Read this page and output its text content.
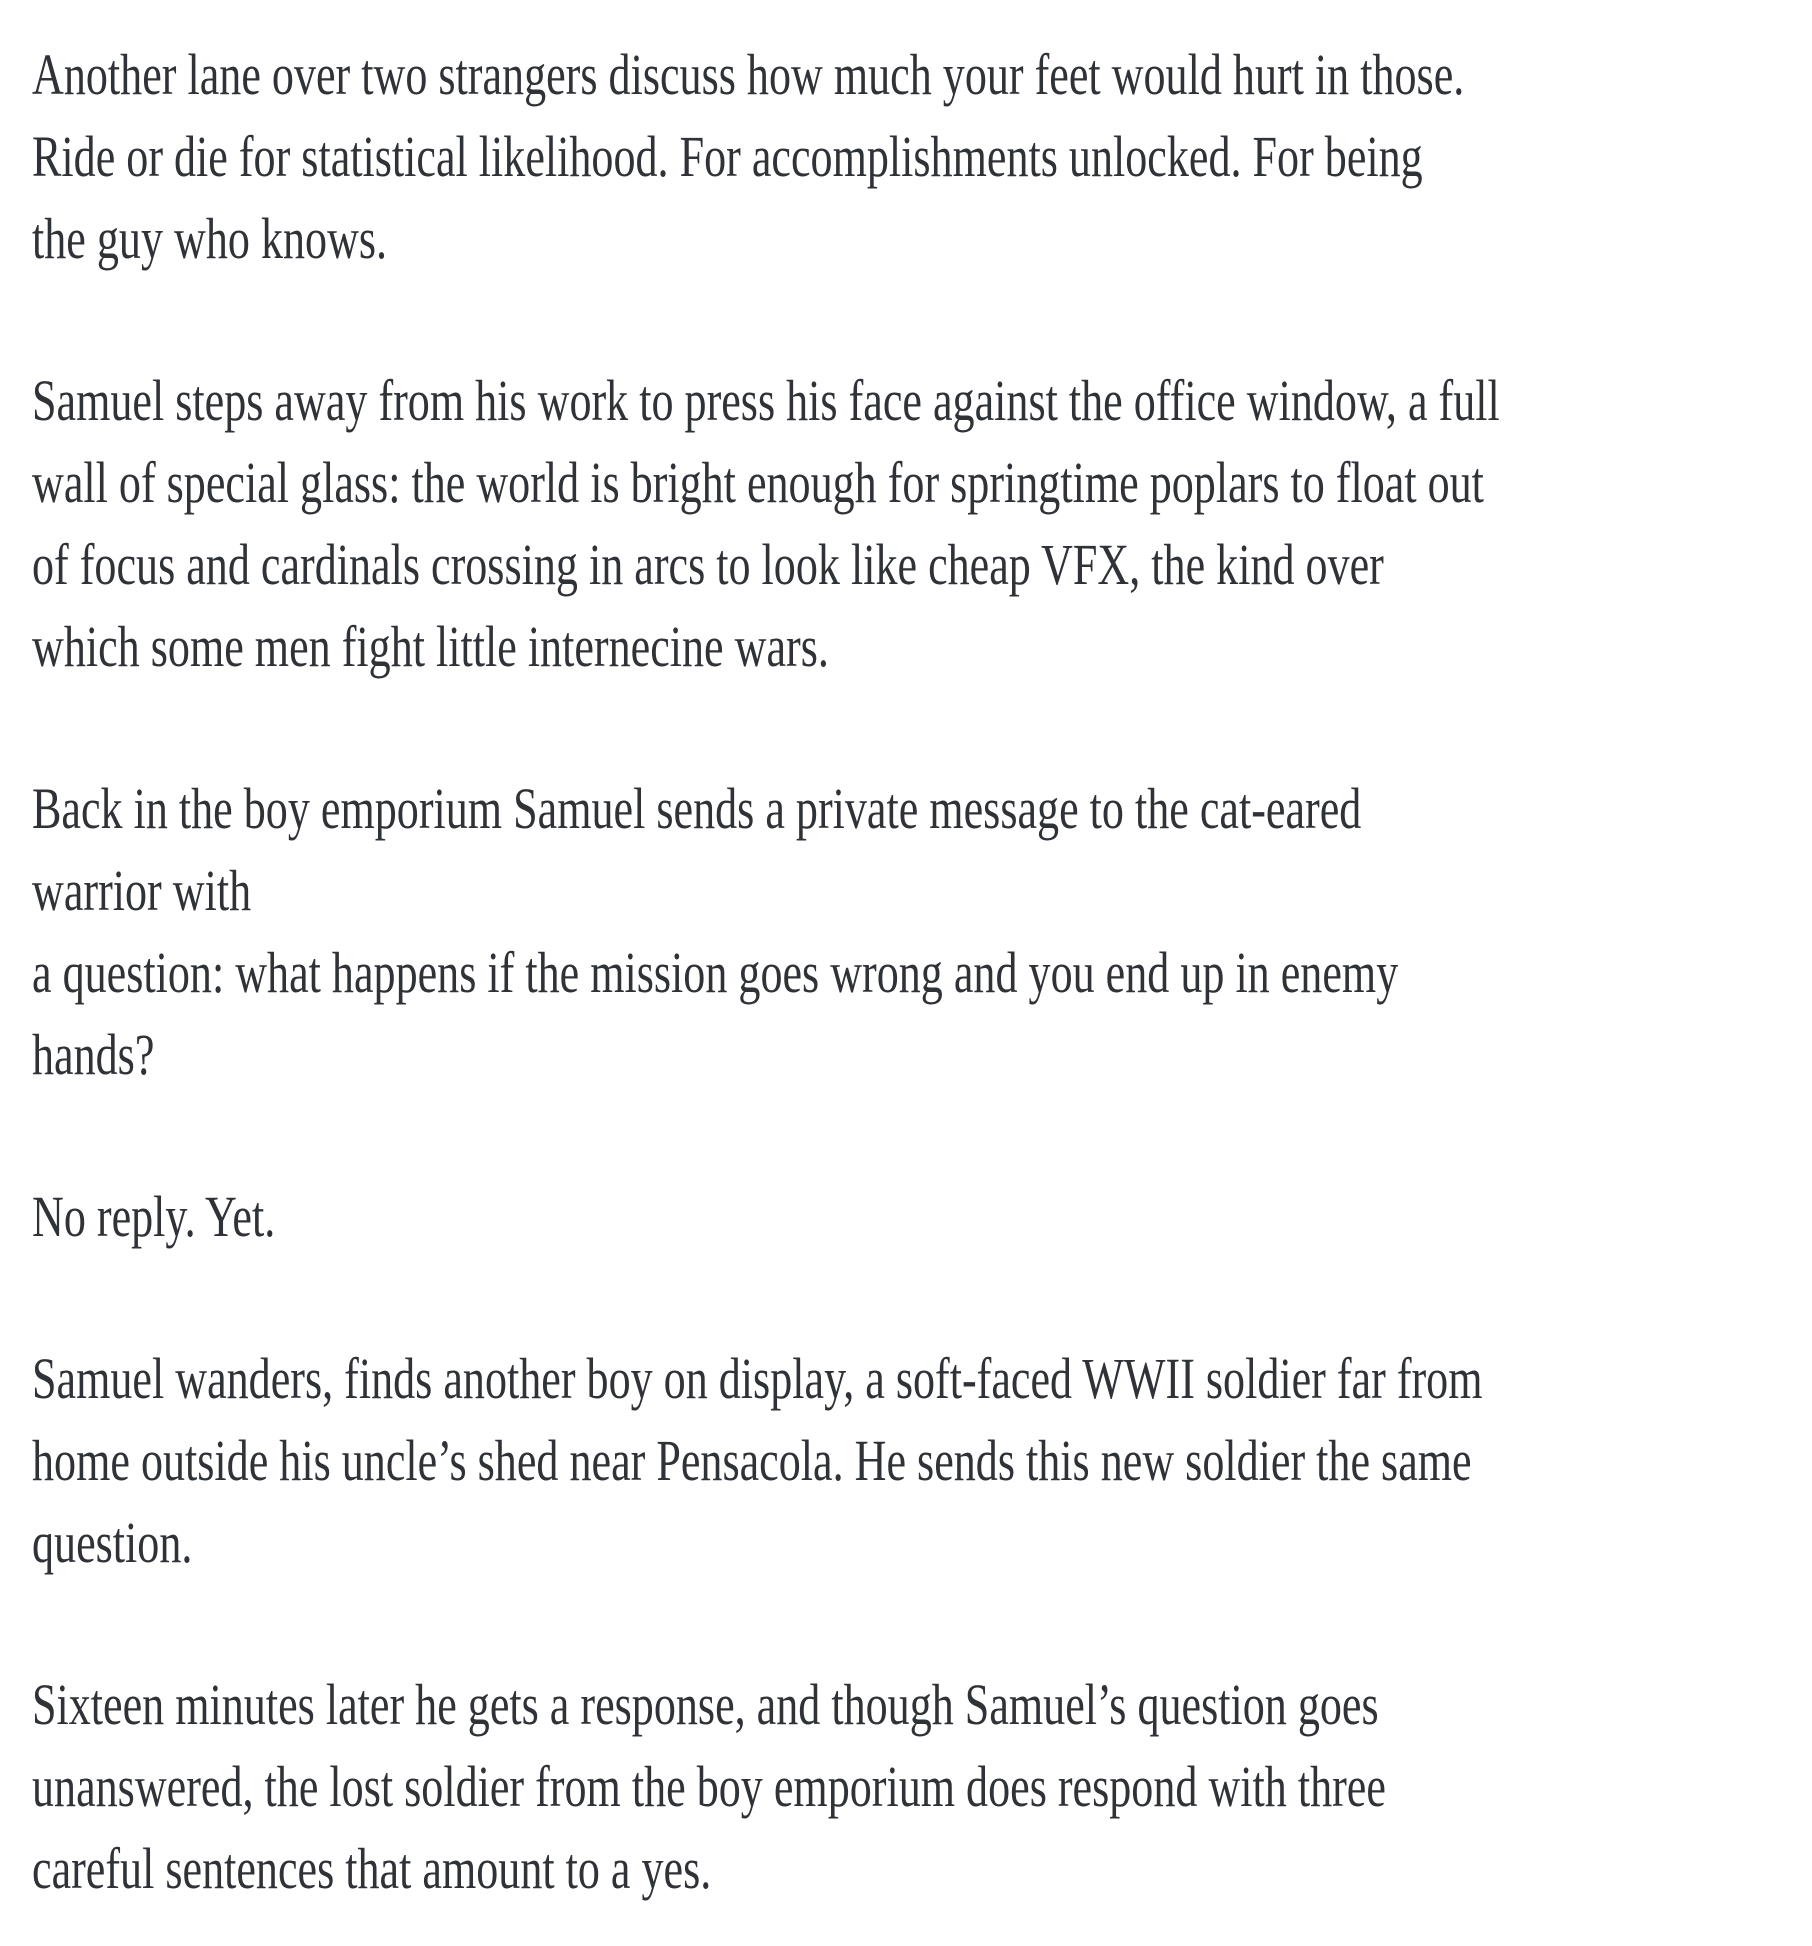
Another lane over two strangers discuss how much your feet would hurt in those.
Ride or die for statistical likelihood. For accomplishments unlocked. For being
the guy who knows.

Samuel steps away from his work to press his face against the office window, a full
wall of special glass: the world is bright enough for springtime poplars to float out
of focus and cardinals crossing in arcs to look like cheap VFX, the kind over
which some men fight little internecine wars.

Back in the boy emporium Samuel sends a private message to the cat-eared
warrior with
a question: what happens if the mission goes wrong and you end up in enemy
hands?

No reply. Yet.

Samuel wanders, finds another boy on display, a soft-faced WWII soldier far from
home outside his uncle’s shed near Pensacola. He sends this new soldier the same
question.

Sixteen minutes later he gets a response, and though Samuel’s question goes
unanswered, the lost soldier from the boy emporium does respond with three
careful sentences that amount to a yes.
